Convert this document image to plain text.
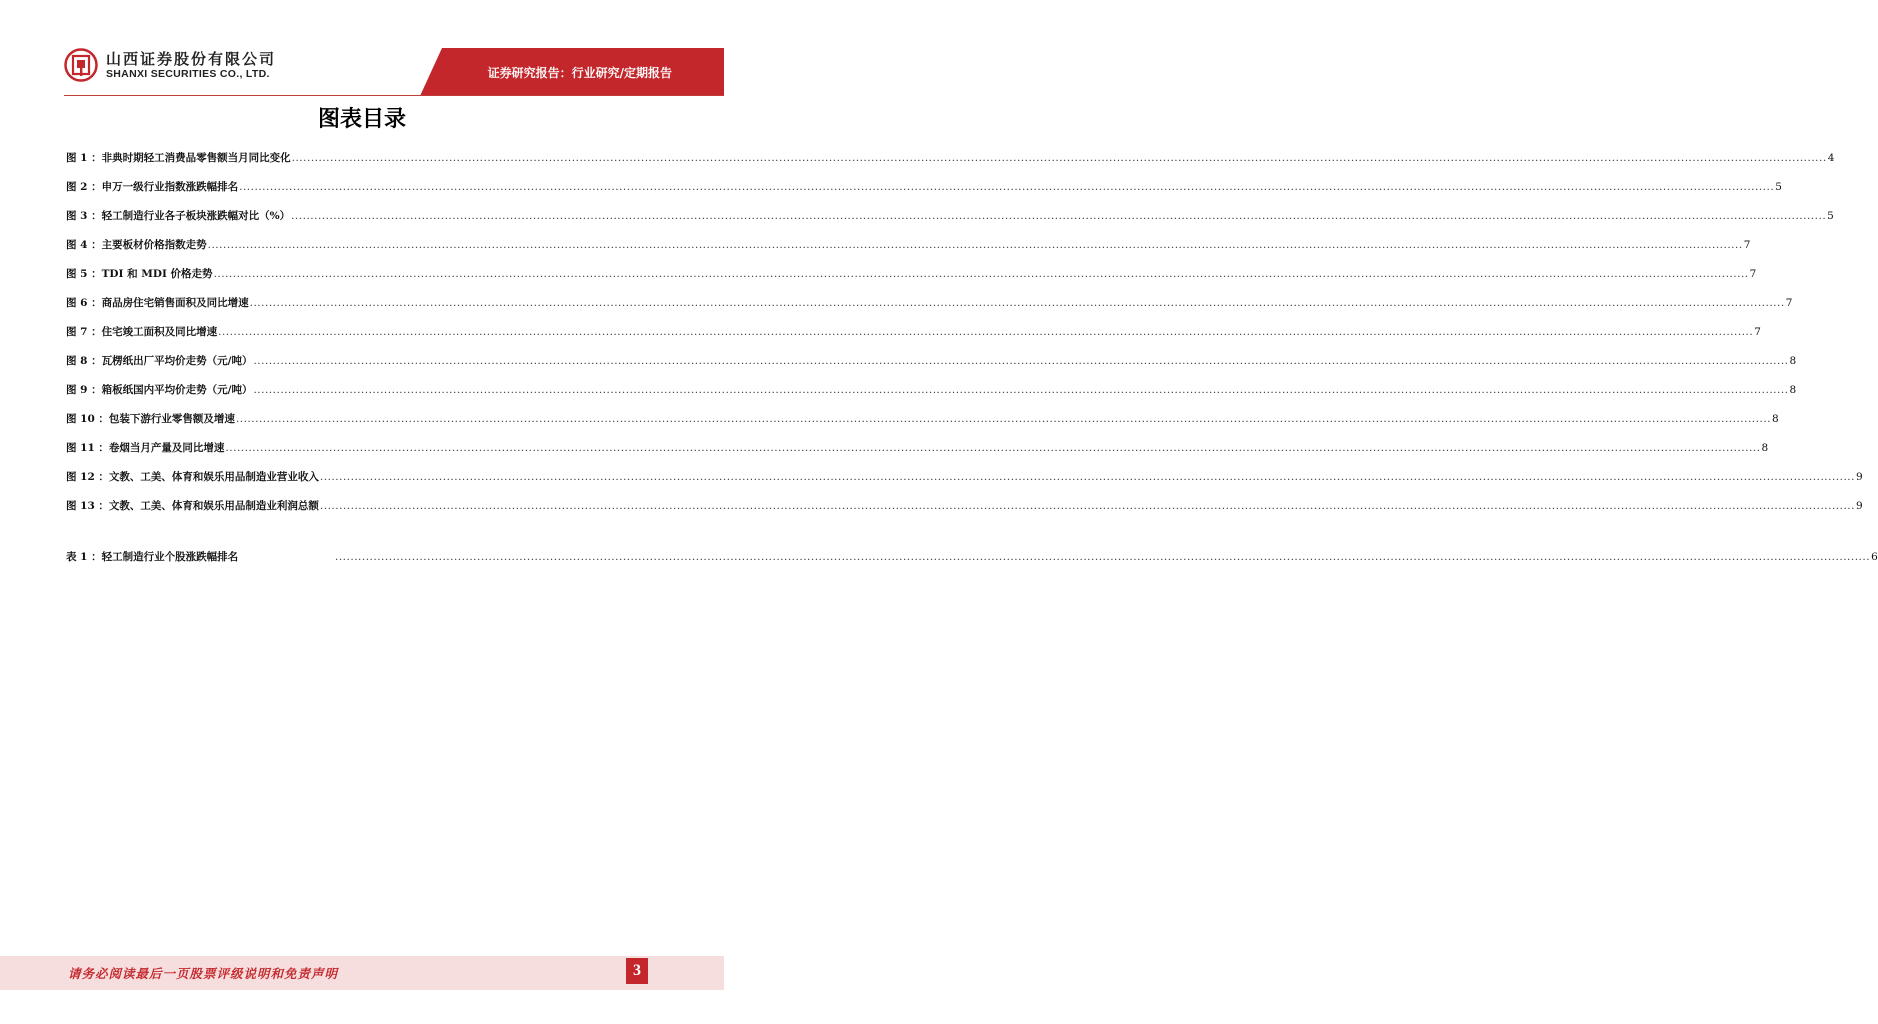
山西证券股份有限公司
SHANXI SECURITIES CO., LTD.	证券研究报告：行业研究/定期报告
图表目录
图 1 ：非典时期轻工消费品零售额当月同比变化 ................................................................................................................................................................................................................................................................................................................................................................................................................ 4
图 2 ：申万一级行业指数涨跌幅排名 ................................................................................................................................................................................................................................................................................................................................................................................................................ 5
图 3 ：轻工制造行业各子板块涨跌幅对比（%） ................................................................................................................................................................................................................................................................................................................................................................................................................ 5
图 4 ：主要板材价格指数走势 ................................................................................................................................................................................................................................................................................................................................................................................................................ 7
图 5 ：TDI 和 MDI 价格走势 ................................................................................................................................................................................................................................................................................................................................................................................................................ 7
图 6 ：商品房住宅销售面积及同比增速 ................................................................................................................................................................................................................................................................................................................................................................................................................ 7
图 7 ：住宅竣工面积及同比增速 ................................................................................................................................................................................................................................................................................................................................................................................................................ 7
图 8 ：瓦楞纸出厂平均价走势（元/吨） ................................................................................................................................................................................................................................................................................................................................................................................................................ 8
图 9 ：箱板纸国内平均价走势（元/吨） ................................................................................................................................................................................................................................................................................................................................................................................................................ 8
图 10 ：包装下游行业零售额及增速 ................................................................................................................................................................................................................................................................................................................................................................................................................ 8
图 11 ：卷烟当月产量及同比增速 ................................................................................................................................................................................................................................................................................................................................................................................................................ 8
图 12 ：文教、工美、体育和娱乐用品制造业营业收入 ................................................................................................................................................................................................................................................................................................................................................................................................................ 9
图 13 ：文教、工美、体育和娱乐用品制造业利润总额 ................................................................................................................................................................................................................................................................................................................................................................................................................ 9
表 1 ：轻工制造行业个股涨跌幅排名	................................................................................................................................................................................................................................................................................................................................................................................................................ 6
请务必阅读最后一页股票评级说明和免责声明	3
